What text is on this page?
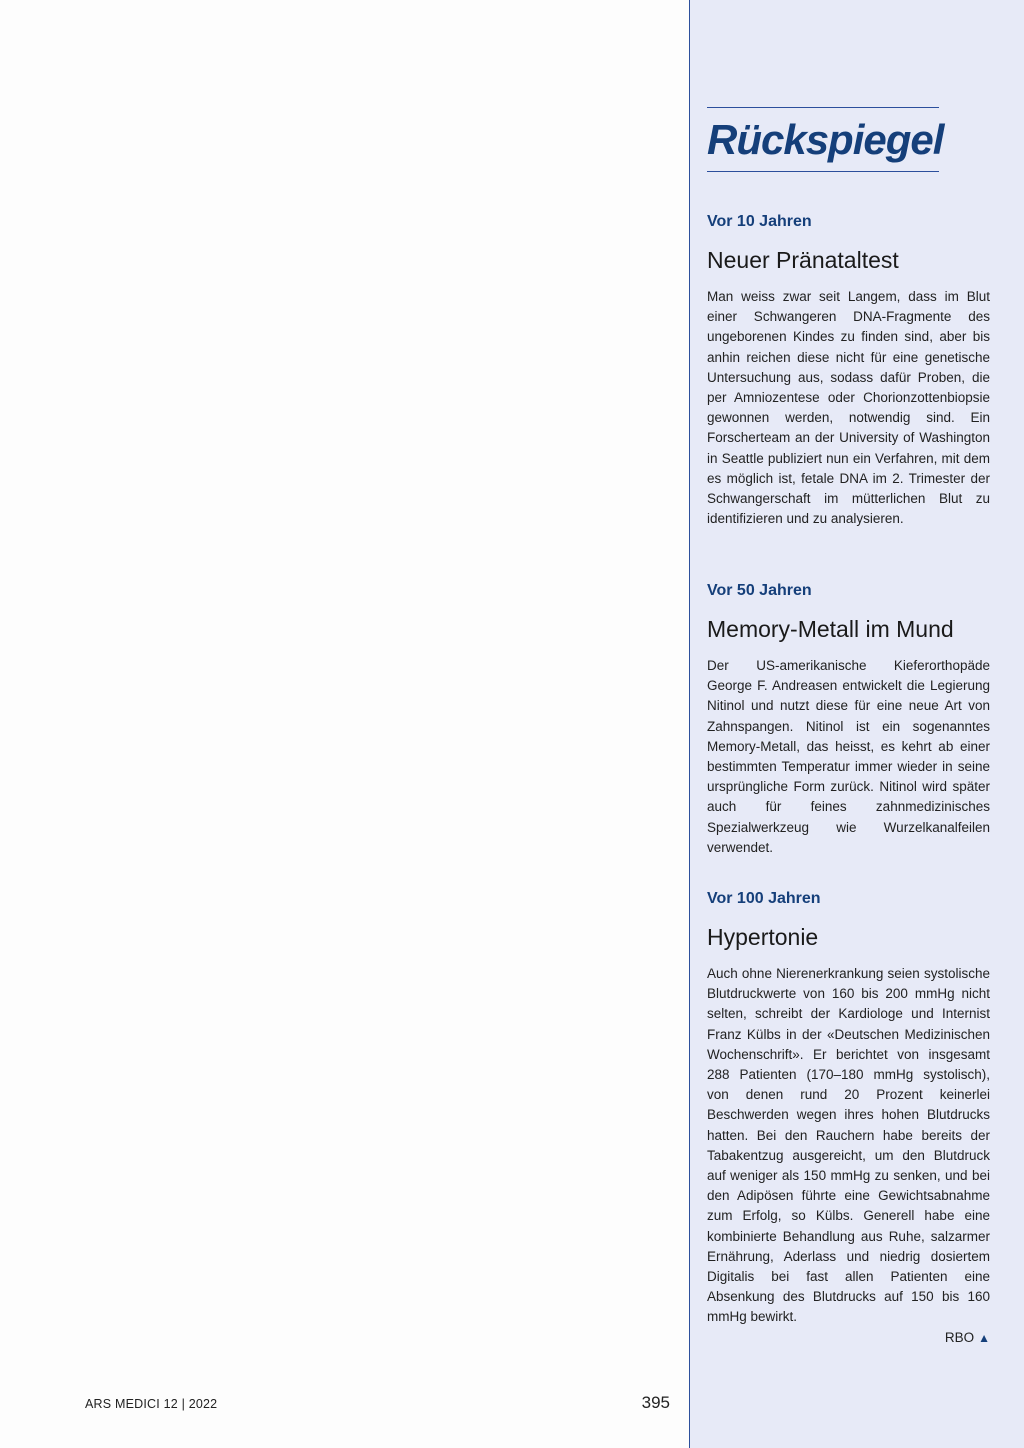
Rückspiegel
Vor 10 Jahren
Neuer Pränataltest
Man weiss zwar seit Langem, dass im Blut einer Schwangeren DNA-Fragmente des ungeborenen Kindes zu finden sind, aber bis anhin reichen diese nicht für eine genetische Untersuchung aus, sodass dafür Proben, die per Amniozentese oder Chorionzottenbiopsie gewonnen werden, notwendig sind. Ein Forscherteam an der University of Washington in Seattle publiziert nun ein Verfahren, mit dem es möglich ist, fetale DNA im 2. Trimester der Schwangerschaft im mütterlichen Blut zu identifizieren und zu analysieren.
Vor 50 Jahren
Memory-Metall im Mund
Der US-amerikanische Kieferorthopäde George F. Andreasen entwickelt die Legierung Nitinol und nutzt diese für eine neue Art von Zahnspangen. Nitinol ist ein sogenanntes Memory-Metall, das heisst, es kehrt ab einer bestimmten Temperatur immer wieder in seine ursprüngliche Form zurück. Nitinol wird später auch für feines zahnmedizinisches Spezialwerkzeug wie Wurzelkanalfeilen verwendet.
Vor 100 Jahren
Hypertonie
Auch ohne Nierenerkrankung seien systolische Blutdruckwerte von 160 bis 200 mmHg nicht selten, schreibt der Kardiologe und Internist Franz Külbs in der «Deutschen Medizinischen Wochenschrift». Er berichtet von insgesamt 288 Patienten (170–180 mmHg systolisch), von denen rund 20 Prozent keinerlei Beschwerden wegen ihres hohen Blutdrucks hatten. Bei den Rauchern habe bereits der Tabakentzug ausgereicht, um den Blutdruck auf weniger als 150 mmHg zu senken, und bei den Adipösen führte eine Gewichtsabnahme zum Erfolg, so Külbs. Generell habe eine kombinierte Behandlung aus Ruhe, salzarmer Ernährung, Aderlass und niedrig dosiertem Digitalis bei fast allen Patienten eine Absenkung des Blutdrucks auf 150 bis 160 mmHg bewirkt.
RBO ▲
ARS MEDICI 12 | 2022	395
